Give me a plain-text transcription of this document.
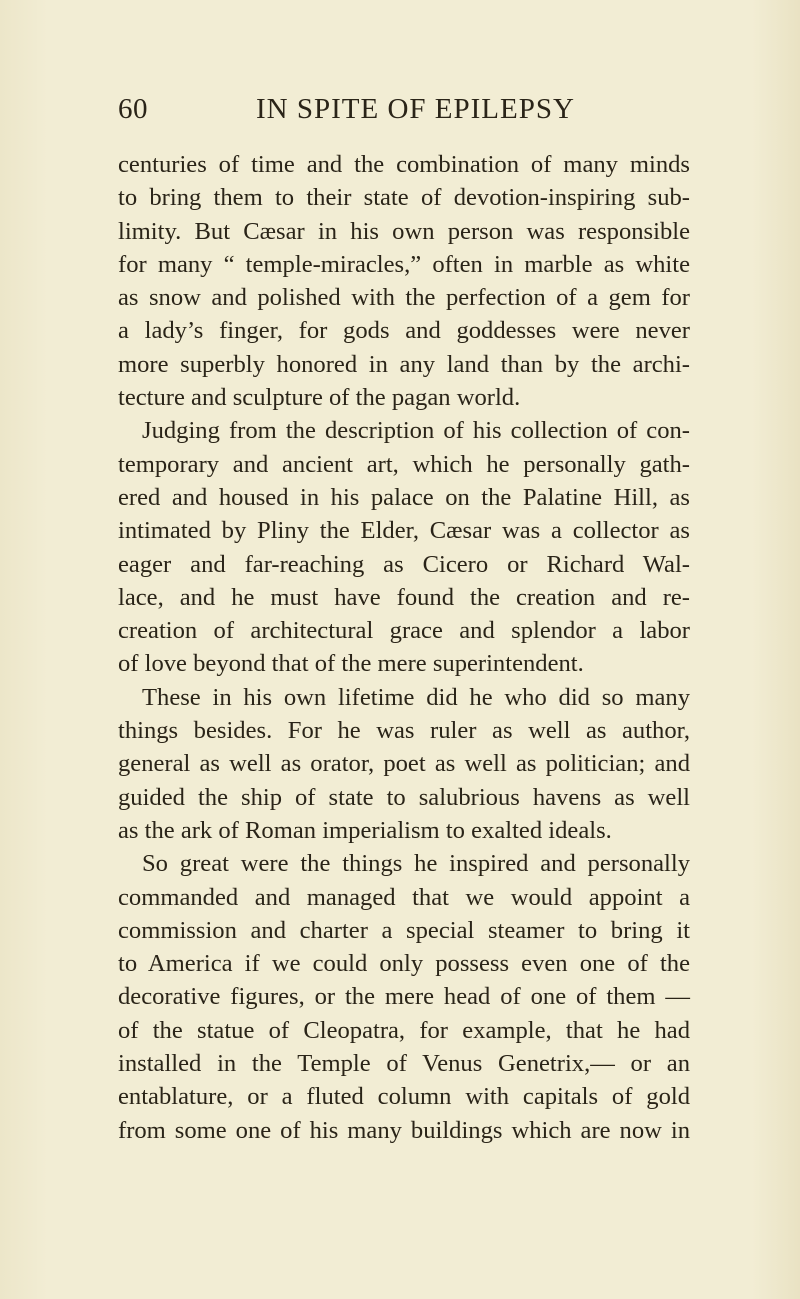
60	IN SPITE OF EPILEPSY
centuries of time and the combination of many minds
to bring them to their state of devotion-inspiring sub-
limity. But Cæsar in his own person was responsible
for many “ temple-miracles,” often in marble as white
as snow and polished with the perfection of a gem for
a lady’s finger, for gods and goddesses were never
more superbly honored in any land than by the archi-
tecture and sculpture of the pagan world.
Judging from the description of his collection of con-
temporary and ancient art, which he personally gath-
ered and housed in his palace on the Palatine Hill, as
intimated by Pliny the Elder, Cæsar was a collector as
eager and far-reaching as Cicero or Richard Wal-
lace, and he must have found the creation and re-
creation of architectural grace and splendor a labor
of love beyond that of the mere superintendent.
These in his own lifetime did he who did so many
things besides. For he was ruler as well as author,
general as well as orator, poet as well as politician; and
guided the ship of state to salubrious havens as well
as the ark of Roman imperialism to exalted ideals.
So great were the things he inspired and personally
commanded and managed that we would appoint a
commission and charter a special steamer to bring it
to America if we could only possess even one of the
decorative figures, or the mere head of one of them —
of the statue of Cleopatra, for example, that he had
installed in the Temple of Venus Genetrix,— or an
entablature, or a fluted column with capitals of gold
from some one of his many buildings which are now in
